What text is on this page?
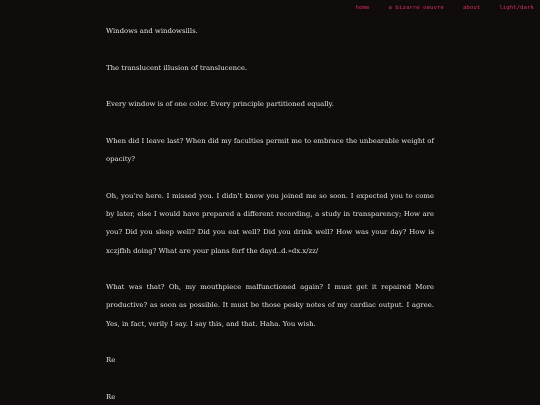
home	a bizarre oeuvre	about	light/dark

Windows and windowsills.

The translucent illusion of translucence.

Every window is of one color. Every principle partitioned equally.

When did I leave last? When did my faculties permit me to embrace the unbearable weight of opacity?

Oh, you’re here. I missed you. I didn’t know you joined me so soon. I expected you to come by later, else I would have prepared a different recording, a study in transparency; How are you? Did you sleep well? Did you eat well? Did you drink well? How was your day? How is xczjfbh doing? What are your plans forf the dayd..d.»dx.x/zz/

What was that? Oh, my mouthpiece malfunctioned again? I must get it repaired More productive? as soon as possible. It must be those pesky notes of my cardiac output. I agree. Yes, in fact, verily I say. I say this, and that. Haha. You wish.

Re

Re
